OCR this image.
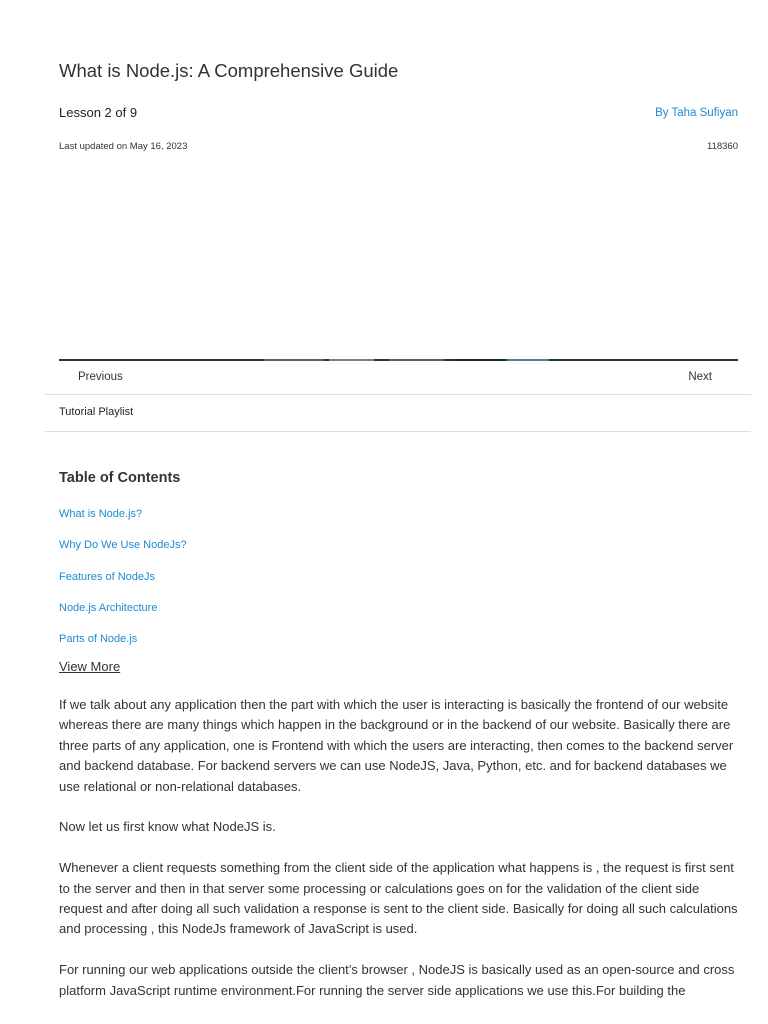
What is Node.js: A Comprehensive Guide
Lesson 2 of 9	By Taha Sufiyan
Last updated on May 16, 2023	118360
Previous	Next
Tutorial Playlist
Table of Contents
What is Node.js?
Why Do We Use NodeJs?
Features of NodeJs
Node.js Architecture
Parts of Node.js
View More

If we talk about any application then the part with which the user is interacting is basically the frontend of our website whereas there are many things which happen in the background or in the backend of our website. Basically there are three parts of any application, one is Frontend with which the users are interacting, then comes to the backend server and backend database. For backend servers we can use NodeJS, Java, Python, etc. and for backend databases we use relational or non-relational databases.

Now let us first know what NodeJS is.

Whenever a client requests something from the client side of the application what happens is , the request is first sent to the server and then in that server some processing or calculations goes on for the validation of the client side request and after doing all such validation a response is sent to the client side. Basically for doing all such calculations and processing , this NodeJs framework of JavaScript is used.

For running our web applications outside the client’s browser , NodeJS is basically used as an open-source and cross platform JavaScript runtime environment.For running the server side applications we use this.For building the
